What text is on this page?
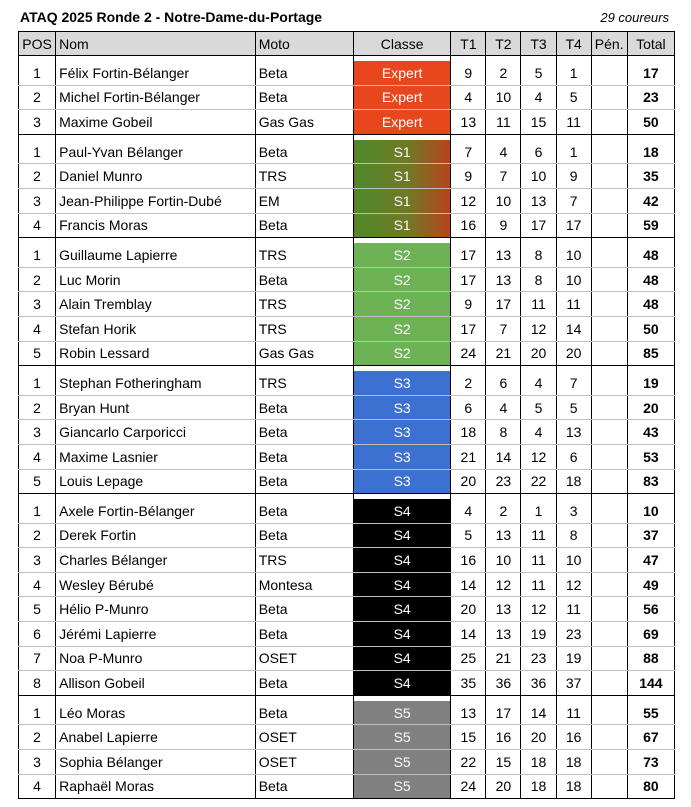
ATAQ 2025 Ronde 2 - Notre-Dame-du-Portage	29 coureurs
POS	Nom	Moto	Classe	T1	T2	T3	T4	Pén.	Total

1	Félix Fortin-Bélanger	Beta	Expert	9	2	5	1		17
2	Michel Fortin-Bélanger	Beta	Expert	4	10	4	5		23
3	Maxime Gobeil	Gas Gas	Expert	13	11	15	11		50

1	Paul-Yvan Bélanger	Beta	S1	7	4	6	1		18
2	Daniel Munro	TRS	S1	9	7	10	9		35
3	Jean-Philippe Fortin-Dubé	EM	S1	12	10	13	7		42
4	Francis Moras	Beta	S1	16	9	17	17		59

1	Guillaume Lapierre	TRS	S2	17	13	8	10		48
2	Luc Morin	Beta	S2	17	13	8	10		48
3	Alain Tremblay	TRS	S2	9	17	11	11		48
4	Stefan Horik	TRS	S2	17	7	12	14		50
5	Robin Lessard	Gas Gas	S2	24	21	20	20		85

1	Stephan Fotheringham	TRS	S3	2	6	4	7		19
2	Bryan Hunt	Beta	S3	6	4	5	5		20
3	Giancarlo Carporicci	Beta	S3	18	8	4	13		43
4	Maxime Lasnier	Beta	S3	21	14	12	6		53
5	Louis Lepage	Beta	S3	20	23	22	18		83

1	Axele Fortin-Bélanger	Beta	S4	4	2	1	3		10
2	Derek Fortin	Beta	S4	5	13	11	8		37
3	Charles Bélanger	TRS	S4	16	10	11	10		47
4	Wesley Bérubé	Montesa	S4	14	12	11	12		49
5	Hélio P-Munro	Beta	S4	20	13	12	11		56
6	Jérémi Lapierre	Beta	S4	14	13	19	23		69
7	Noa P-Munro	OSET	S4	25	21	23	19		88
8	Allison Gobeil	Beta	S4	35	36	36	37		144

1	Léo Moras	Beta	S5	13	17	14	11		55
2	Anabel Lapierre	OSET	S5	15	16	20	16		67
3	Sophia Bélanger	OSET	S5	22	15	18	18		73
4	Raphaël Moras	Beta	S5	24	20	18	18		80
